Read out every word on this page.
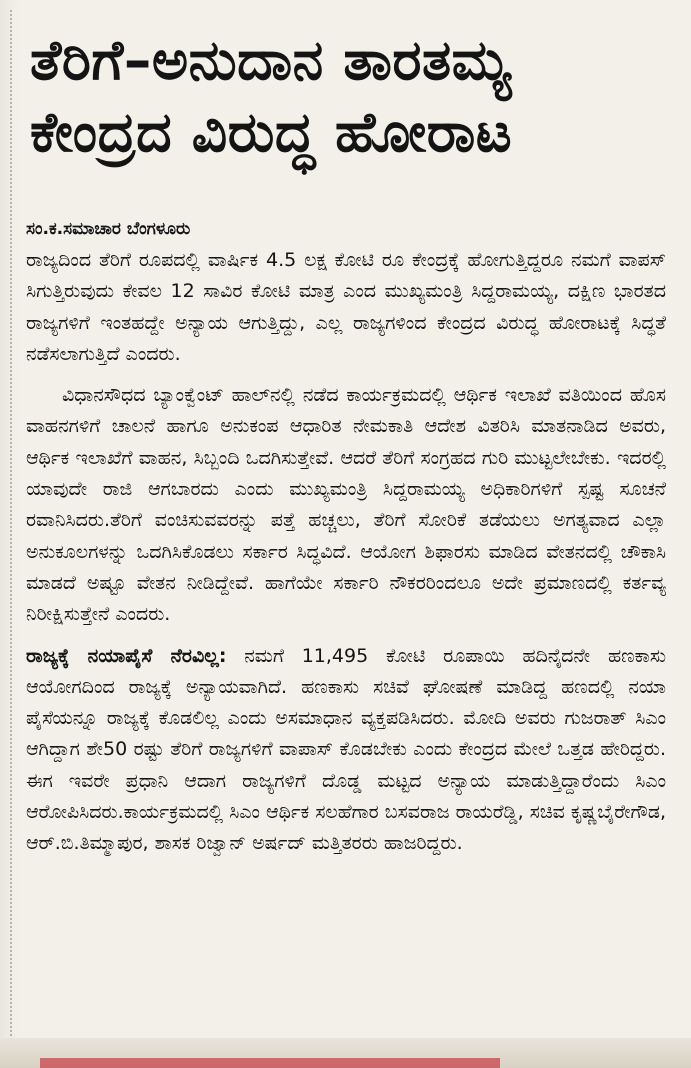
ತೆರಿಗೆ–ಅನುದಾನ ತಾರತಮ್ಯ
ಕೇಂದ್ರದ ವಿರುದ್ಧ ಹೋರಾಟ
ಸಂ.ಕ.ಸಮಾಚಾರ ಬೆಂಗಳೂರು

ರಾಜ್ಯದಿಂದ ತೆರಿಗೆ ರೂಪದಲ್ಲಿ ವಾರ್ಷಿಕ 4.5 ಲಕ್ಷ ಕೋಟಿ ರೂ ಕೇಂದ್ರಕ್ಕೆ ಹೋಗುತ್ತಿದ್ದರೂ ನಮಗೆ ವಾಪಸ್ ಸಿಗುತ್ತಿರುವುದು ಕೇವಲ 12 ಸಾವಿರ ಕೋಟಿ ಮಾತ್ರ ಎಂದ ಮುಖ್ಯಮಂತ್ರಿ ಸಿದ್ದರಾಮಯ್ಯ, ದಕ್ಷಿಣ ಭಾರತದ ರಾಜ್ಯಗಳಿಗೆ ಇಂತಹದ್ದೇ ಅನ್ಯಾಯ ಆಗುತ್ತಿದ್ದು, ಎಲ್ಲ ರಾಜ್ಯಗಳಿಂದ ಕೇಂದ್ರದ ವಿರುದ್ಧ ಹೋರಾಟಕ್ಕೆ ಸಿದ್ಧತೆ ನಡೆಸಲಾಗುತ್ತಿದೆ ಎಂದರು.

ವಿಧಾನಸೌಧದ ಬ್ಯಾಂಕ್ವೆಂಟ್ ಹಾಲ್‌ನಲ್ಲಿ ನಡೆದ ಕಾರ್ಯಕ್ರಮದಲ್ಲಿ ಆರ್ಥಿಕ ಇಲಾಖೆ ವತಿಯಿಂದ ಹೊಸ ವಾಹನಗಳಿಗೆ ಚಾಲನೆ ಹಾಗೂ ಅನುಕಂಪ ಆಧಾರಿತ ನೇಮಕಾತಿ ಆದೇಶ ವಿತರಿಸಿ ಮಾತನಾಡಿದ ಅವರು, ಆರ್ಥಿಕ ಇಲಾಖೆಗೆ ವಾಹನ, ಸಿಬ್ಬಂದಿ ಒದಗಿಸುತ್ತೇವೆ. ಆದರೆ ತೆರಿಗೆ ಸಂಗ್ರಹದ ಗುರಿ ಮುಟ್ಟಲೇಬೇಕು. ಇದರಲ್ಲಿ ಯಾವುದೇ ರಾಜಿ ಆಗಬಾರದು ಎಂದು ಮುಖ್ಯಮಂತ್ರಿ ಸಿದ್ದರಾಮಯ್ಯ ಅಧಿಕಾರಿಗಳಿಗೆ ಸ್ಪಷ್ಟ ಸೂಚನೆ ರವಾನಿಸಿದರು.ತೆರಿಗೆ ವಂಚಿಸುವವರನ್ನು ಪತ್ತೆ ಹಚ್ಚಲು, ತೆರಿಗೆ ಸೋರಿಕೆ ತಡೆಯಲು ಅಗತ್ಯವಾದ ಎಲ್ಲಾ ಅನುಕೂಲಗಳನ್ನು ಒದಗಿಸಿಕೊಡಲು ಸರ್ಕಾರ ಸಿದ್ಧವಿದೆ. ಆಯೋಗ ಶಿಫಾರಸು ಮಾಡಿದ ವೇತನದಲ್ಲಿ ಚೌಕಾಸಿ ಮಾಡದೆ ಅಷ್ಟೂ ವೇತನ ನೀಡಿದ್ದೇವೆ. ಹಾಗೆಯೇ ಸರ್ಕಾರಿ ನೌಕರರಿಂದಲೂ ಅದೇ ಪ್ರಮಾಣದಲ್ಲಿ ಕರ್ತವ್ಯ ನಿರೀಕ್ಷಿಸುತ್ತೇನೆ ಎಂದರು.

ರಾಜ್ಯಕ್ಕೆ ನಯಾಪೈಸೆ ನೆರವಿಲ್ಲ: ನಮಗೆ 11,495 ಕೋಟಿ ರೂಪಾಯಿ ಹದಿನೈದನೇ ಹಣಕಾಸು ಆಯೋಗದಿಂದ ರಾಜ್ಯಕ್ಕೆ ಅನ್ಯಾಯವಾಗಿದೆ. ಹಣಕಾಸು ಸಚಿವೆ ಘೋಷಣೆ ಮಾಡಿದ್ದ ಹಣದಲ್ಲಿ ನಯಾ ಪೈಸೆಯನ್ನೂ ರಾಜ್ಯಕ್ಕೆ ಕೊಡಲಿಲ್ಲ ಎಂದು ಅಸಮಾಧಾನ ವ್ಯಕ್ತಪಡಿಸಿದರು. ಮೋದಿ ಅವರು ಗುಜರಾತ್ ಸಿಎಂ ಆಗಿದ್ದಾಗ ಶೇ50 ರಷ್ಟು ತೆರಿಗೆ ರಾಜ್ಯಗಳಿಗೆ ವಾಪಾಸ್ ಕೊಡಬೇಕು ಎಂದು ಕೇಂದ್ರದ ಮೇಲೆ ಒತ್ತಡ ಹೇರಿದ್ದರು. ಈಗ ಇವರೇ ಪ್ರಧಾನಿ ಆದಾಗ ರಾಜ್ಯಗಳಿಗೆ ದೊಡ್ಡ ಮಟ್ಟದ ಅನ್ಯಾಯ ಮಾಡುತ್ತಿದ್ದಾರೆಂದು ಸಿಎಂ ಆರೋಪಿಸಿದರು.ಕಾರ್ಯಕ್ರಮದಲ್ಲಿ ಸಿಎಂ ಆರ್ಥಿಕ ಸಲಹೆಗಾರ ಬಸವರಾಜ ರಾಯರೆಡ್ಡಿ, ಸಚಿವ ಕೃಷ್ಣಬೈರೇಗೌಡ, ಆರ್.ಬಿ.ತಿಮ್ಮಾಪುರ, ಶಾಸಕ ರಿಜ್ವಾನ್ ಅರ್ಷದ್ ಮತ್ತಿತರರು ಹಾಜರಿದ್ದರು.
